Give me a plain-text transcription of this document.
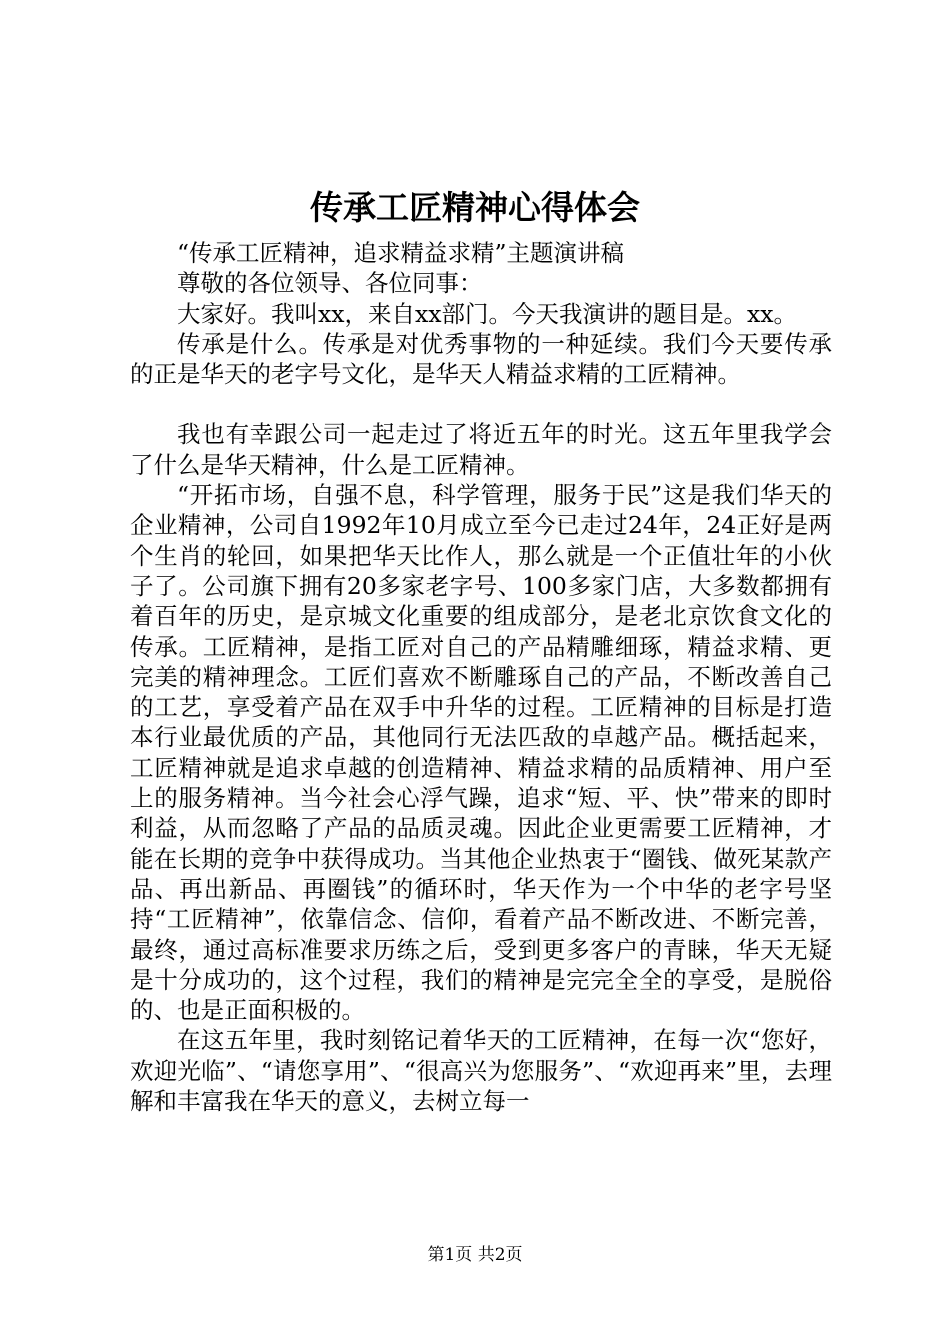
传承工匠精神心得体会

“传承工匠精神，追求精益求精”主题演讲稿

尊敬的各位领导、各位同事：

大家好。我叫xx，来自xx部门。今天我演讲的题目是。xx。

传承是什么。传承是对优秀事物的一种延续。我们今天要传承的正是华天的老字号文化，是华天人精益求精的工匠精神。

我也有幸跟公司一起走过了将近五年的时光。这五年里我学会了什么是华天精神，什么是工匠精神。

“开拓市场，自强不息，科学管理，服务于民”这是我们华天的企业精神，公司自1992年10月成立至今已走过24年，24正好是两个生肖的轮回，如果把华天比作人，那么就是一个正值壮年的小伙子了。公司旗下拥有20多家老字号、100多家门店，大多数都拥有着百年的历史，是京城文化重要的组成部分，是老北京饮食文化的传承。工匠精神，是指工匠对自己的产品精雕细琢，精益求精、更完美的精神理念。工匠们喜欢不断雕琢自己的产品，不断改善自己的工艺，享受着产品在双手中升华的过程。工匠精神的目标是打造本行业最优质的产品，其他同行无法匹敌的卓越产品。概括起来，工匠精神就是追求卓越的创造精神、精益求精的品质精神、用户至上的服务精神。当今社会心浮气躁，追求“短、平、快”带来的即时利益，从而忽略了产品的品质灵魂。因此企业更需要工匠精神，才能在长期的竞争中获得成功。当其他企业热衷于“圈钱、做死某款产品、再出新品、再圈钱”的循环时，华天作为一个中华的老字号坚持“工匠精神”，依靠信念、信仰，看着产品不断改进、不断完善，最终，通过高标准要求历练之后，受到更多客户的青睐，华天无疑是十分成功的，这个过程，我们的精神是完完全全的享受，是脱俗的、也是正面积极的。

在这五年里，我时刻铭记着华天的工匠精神，在每一次“您好，欢迎光临”、“请您享用”、“很高兴为您服务”、“欢迎再来”里，去理解和丰富我在华天的意义，去树立每一

第1页 共2页
